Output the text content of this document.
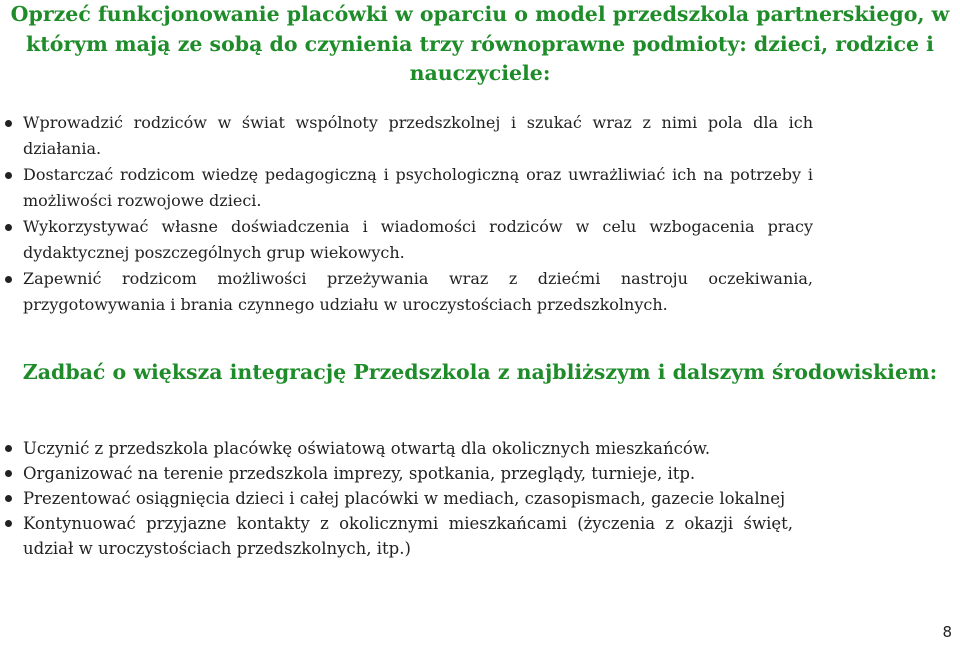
Oprzeć funkcjonowanie placówki w oparciu o model przedszkola partnerskiego, w którym mają ze sobą do czynienia trzy równoprawne podmioty: dzieci, rodzice i nauczyciele:
Wprowadzić rodziców w świat wspólnoty przedszkolnej i szukać wraz z nimi pola dla ich działania.
Dostarczać rodzicom wiedzę pedagogiczną i psychologiczną oraz uwrażliwiać ich na potrzeby i możliwości rozwojowe dzieci.
Wykorzystywać własne doświadczenia i wiadomości rodziców w celu wzbogacenia pracy dydaktycznej poszczególnych grup wiekowych.
Zapewnić rodzicom możliwości przeżywania wraz z dziećmi nastroju oczekiwania, przygotowywania i brania czynnego udziału w uroczystościach przedszkolnych.
Zadbać o większa integrację Przedszkola z najbliższym i dalszym środowiskiem:
Uczynić z przedszkola placówkę oświatową otwartą dla okolicznych mieszkańców.
Organizować na terenie przedszkola imprezy, spotkania, przeglądy, turnieje, itp.
Prezentować osiągnięcia dzieci i całej placówki w mediach, czasopismach, gazecie lokalnej
Kontynuować przyjazne kontakty z okolicznymi mieszkańcami (życzenia z okazji święt, udział w uroczystościach przedszkolnych, itp.)
8
